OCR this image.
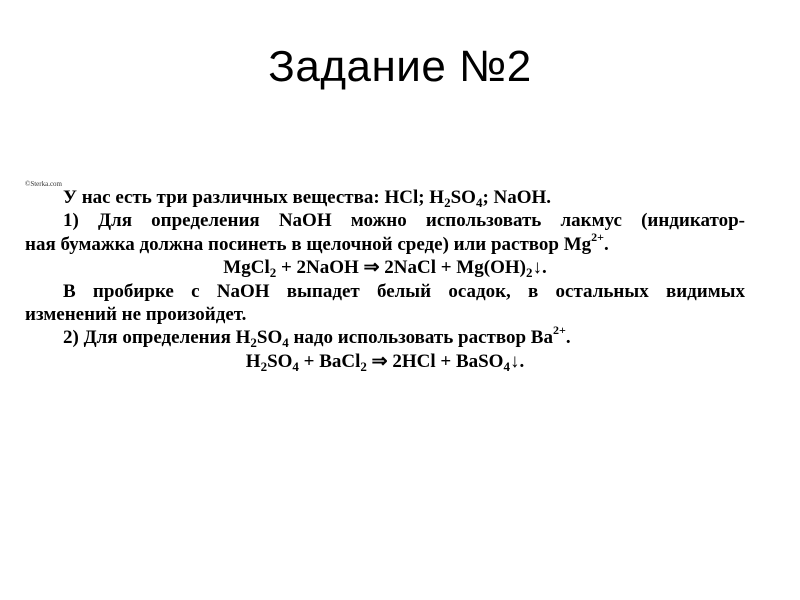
Задание №2
©Sterka.com
У нас есть три различных вещества: HCl; $H_2SO_4$; NaOH.
1) Для определения NaOH можно использовать лакмус (индикатор-
ная бумажка должна посинеть в щелочной среде) или раствор $Mg^{2+}$.
MgCl$_2$ + 2NaOH ⇒ 2NaCl + $Mg(OH)_2↓$.
В пробирке с NaOH выпадет белый осадок, в остальных видимых
изменений не произойдет.
2) Для определения $H_2SO_4$ надо использовать раствор $Ba^{2+}$.
$H_2SO_4$ + BaCl$_2$ ⇒ 2HCl + BaSO$_4$↓.
